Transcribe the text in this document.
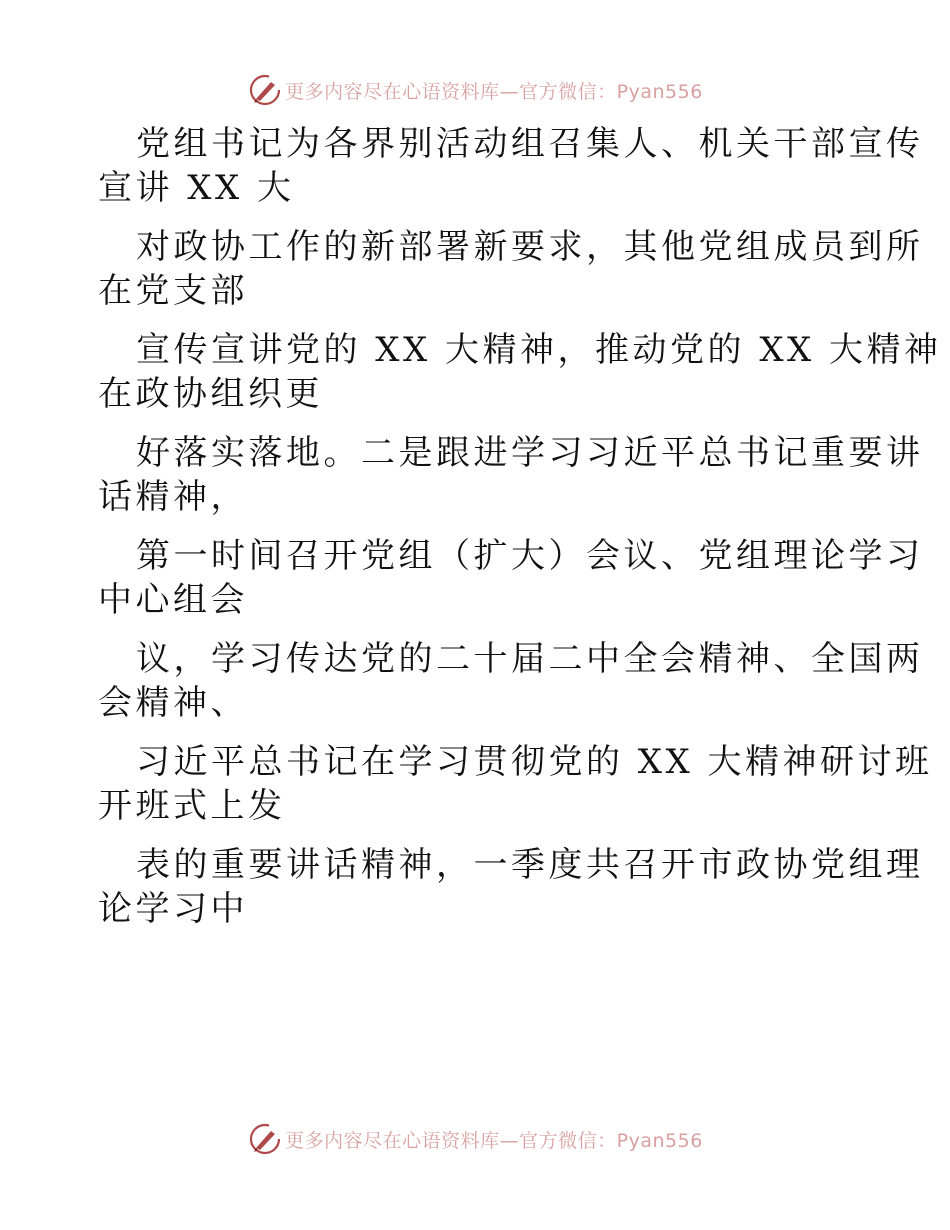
更多内容尽在心语资料库—官方微信：Pyan556

党组书记为各界别活动组召集人、机关干部宣传
宣讲 XX 大

对政协工作的新部署新要求，其他党组成员到所
在党支部

宣传宣讲党的 XX 大精神，推动党的 XX 大精神
在政协组织更

好落实落地。二是跟进学习习近平总书记重要讲
话精神，

第一时间召开党组（扩大）会议、党组理论学习
中心组会

议，学习传达党的二十届二中全会精神、全国两
会精神、

习近平总书记在学习贯彻党的 XX 大精神研讨班
开班式上发

表的重要讲话精神，一季度共召开市政协党组理
论学习中

更多内容尽在心语资料库—官方微信：Pyan556
